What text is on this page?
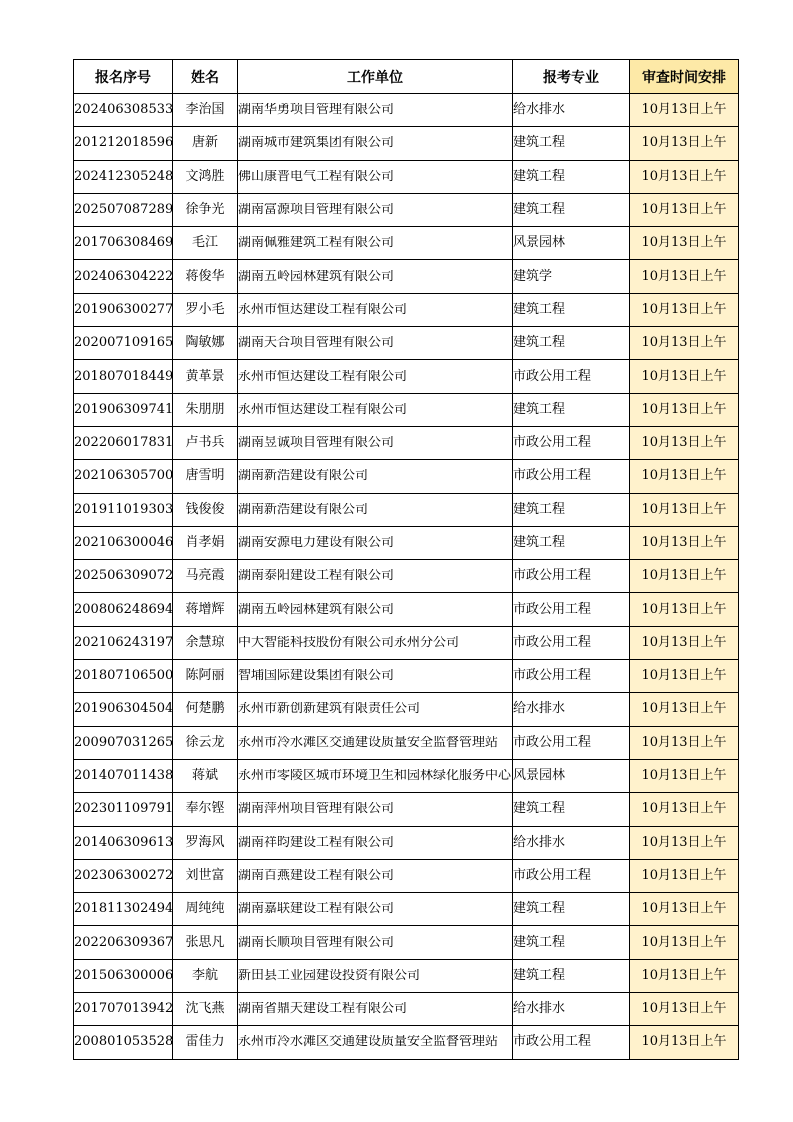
报名序号	姓名	工作单位	报考专业	审查时间安排
202406308533	李治国	湖南华勇项目管理有限公司	给水排水	10月13日上午
201212018596	唐新	湖南城市建筑集团有限公司	建筑工程	10月13日上午
202412305248	文鸿胜	佛山康晋电气工程有限公司	建筑工程	10月13日上午
202507087289	徐争光	湖南富源项目管理有限公司	建筑工程	10月13日上午
201706308469	毛江	湖南佩雅建筑工程有限公司	风景园林	10月13日上午
202406304222	蒋俊华	湖南五岭园林建筑有限公司	建筑学	10月13日上午
201906300277	罗小毛	永州市恒达建设工程有限公司	建筑工程	10月13日上午
202007109165	陶敏娜	湖南天合项目管理有限公司	建筑工程	10月13日上午
201807018449	黄革景	永州市恒达建设工程有限公司	市政公用工程	10月13日上午
201906309741	朱朋朋	永州市恒达建设工程有限公司	建筑工程	10月13日上午
202206017831	卢书兵	湖南昱诚项目管理有限公司	市政公用工程	10月13日上午
202106305700	唐雪明	湖南新浩建设有限公司	市政公用工程	10月13日上午
201911019303	钱俊俊	湖南新浩建设有限公司	建筑工程	10月13日上午
202106300046	肖孝娟	湖南安源电力建设有限公司	建筑工程	10月13日上午
202506309072	马亮霞	湖南泰阳建设工程有限公司	市政公用工程	10月13日上午
200806248694	蒋增辉	湖南五岭园林建筑有限公司	市政公用工程	10月13日上午
202106243197	余慧琼	中大智能科技股份有限公司永州分公司	市政公用工程	10月13日上午
201807106500	陈阿丽	智埔国际建设集团有限公司	市政公用工程	10月13日上午
201906304504	何楚鹏	永州市新创新建筑有限责任公司	给水排水	10月13日上午
200907031265	徐云龙	永州市冷水滩区交通建设质量安全监督管理站	市政公用工程	10月13日上午
201407011438	蒋斌	永州市零陵区城市环境卫生和园林绿化服务中心	风景园林	10月13日上午
202301109791	奉尔铿	湖南萍州项目管理有限公司	建筑工程	10月13日上午
201406309613	罗海风	湖南祥昀建设工程有限公司	给水排水	10月13日上午
202306300272	刘世富	湖南百燕建设工程有限公司	市政公用工程	10月13日上午
201811302494	周纯纯	湖南嘉联建设工程有限公司	建筑工程	10月13日上午
202206309367	张思凡	湖南长顺项目管理有限公司	建筑工程	10月13日上午
201506300006	李航	新田县工业园建设投资有限公司	建筑工程	10月13日上午
201707013942	沈飞燕	湖南省鼎天建设工程有限公司	给水排水	10月13日上午
200801053528	雷佳力	永州市冷水滩区交通建设质量安全监督管理站	市政公用工程	10月13日上午
